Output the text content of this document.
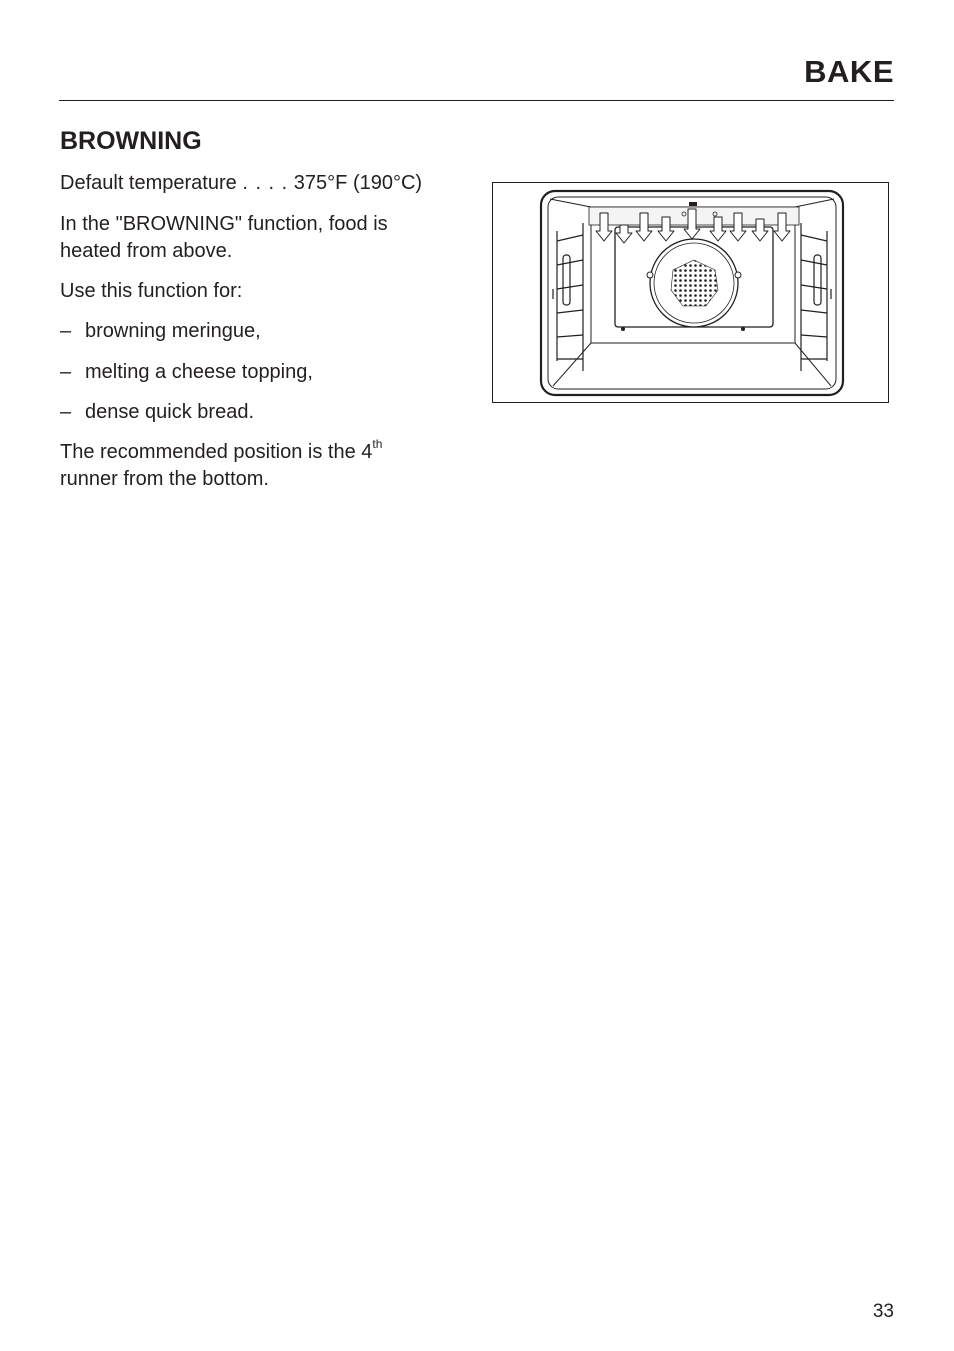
BAKE
BROWNING

Default temperature . . . . 375°F (190°C)

In the "BROWNING" function, food is

heated from above.

Use this function for:

– browning meringue,

– melting a cheese topping,

– dense quick bread.

The recommended position is the 4th

runner from the bottom.

33
